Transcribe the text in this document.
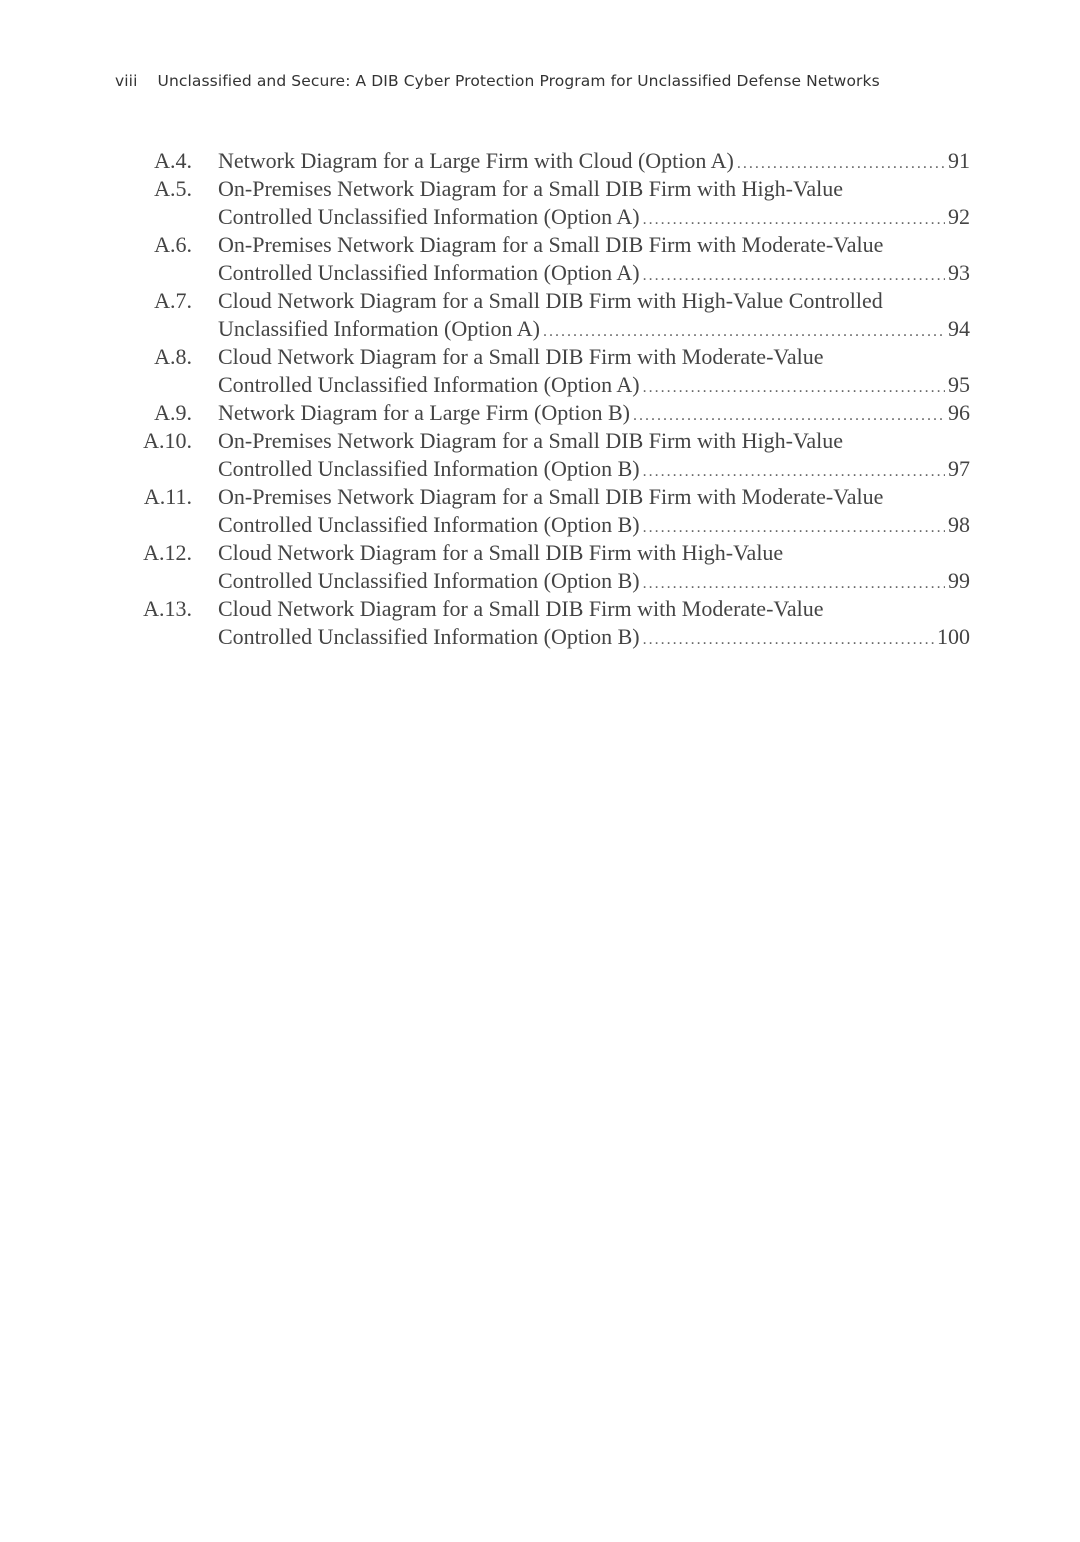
viii Unclassified and Secure: A DIB Cyber Protection Program for Unclassified Defense Networks
A.4. Network Diagram for a Large Firm with Cloud (Option A) . . .	91
A.5. On-Premises Network Diagram for a Small DIB Firm with High-Value
Controlled Unclassified Information (Option A) . . .	92
A.6. On-Premises Network Diagram for a Small DIB Firm with Moderate-Value
Controlled Unclassified Information (Option A) . . .	93
A.7. Cloud Network Diagram for a Small DIB Firm with High-Value Controlled
Unclassified Information (Option A) . . .	94
A.8. Cloud Network Diagram for a Small DIB Firm with Moderate-Value
Controlled Unclassified Information (Option A) . . .	95
A.9. Network Diagram for a Large Firm (Option B) . . .	96
A.10. On-Premises Network Diagram for a Small DIB Firm with High-Value
Controlled Unclassified Information (Option B) . . .	97
A.11. On-Premises Network Diagram for a Small DIB Firm with Moderate-Value
Controlled Unclassified Information (Option B) . . .	98
A.12. Cloud Network Diagram for a Small DIB Firm with High-Value
Controlled Unclassified Information (Option B) . . .	99
A.13. Cloud Network Diagram for a Small DIB Firm with Moderate-Value
Controlled Unclassified Information (Option B) . . .	100
